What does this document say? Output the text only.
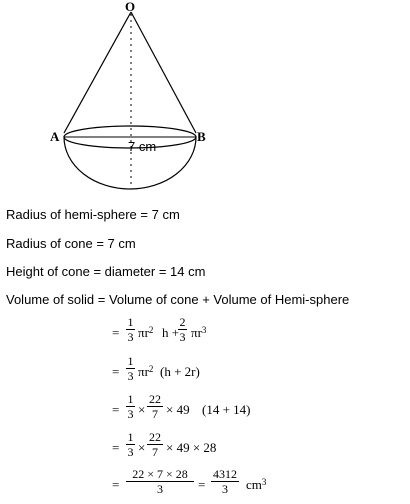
O
A	B
7 cm
Radius of hemi-sphere = 7 cm
Radius of cone = 7 cm
Height of cone = diameter = 14 cm
Volume of solid = Volume of cone + Volume of Hemi-sphere
=
1
3 $\pi r^2$ h +
2
3 $\pi r^3$
=
1
3 $\pi r^2$ (h + 2r)
=
1
3 ×
22
7 × 49 (14 + 14)
=
1
3 ×
22
7 × 49 × 28
=
22 × 7 × 28
3	=
4312
3	$cm^3$
